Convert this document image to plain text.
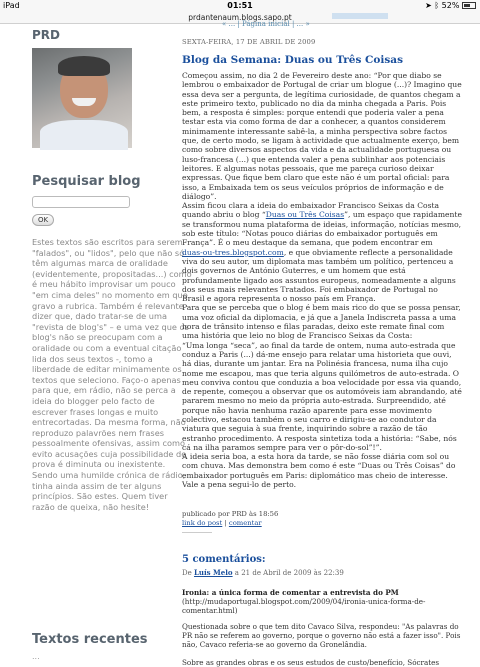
iPad	01:51	➤ ᛒ 52%
prdantenaum.blogs.sapo.pt
PRD
Pesquisar blog
OK
Estes textos são escritos para serem "falados", ou "lidos", pelo que não só têm algumas marca de oralidade (evidentemente, propositadas...) como é meu hábito improvisar um pouco "em cima deles" no momento em que gravo a rubrica. Também é relevante dizer que, dado tratar-se de uma "revista de blog's" – e uma vez que os blog's não se preocupam com a oralidade ou com a eventual citação lida dos seus textos -, tomo a liberdade de editar minimamente os textos que seleciono. Faço-o apenas para que, em rádio, não se perca a ideia do blogger pelo facto de escrever frases longas e muito entrecortadas. Da mesma forma, não reproduzo palavrões nem frases pessoalmente ofensivas, assim como evito acusações cuja possibilidade de prova é diminuta ou inexistente. Sendo uma humilde crónica de rádio, tinha ainda assim de ter alguns princípios. São estes. Quem tiver razão de queixa, não hesite!
Textos recentes
...
« ... | Página inicial | ... »
SEXTA-FEIRA, 17 DE ABRIL DE 2009
Blog da Semana: Duas ou Três Coisas

Começou assim, no dia 2 de Fevereiro deste ano: “Por que diabo se lembrou o embaixador de Portugal de criar um blogue (...)? Imagino que essa deva ser a pergunta, de legítima curiosidade, de quantos chegam a este primeiro texto, publicado no dia da minha chegada a Paris. Pois bem, a resposta é simples: porque entendi que poderia valer a pena testar esta via como forma de dar a conhecer, a quantos considerem minimamente interessante sabê-la, a minha perspectiva sobre factos que, de certo modo, se ligam à actividade que actualmente exerço, bem como sobre diversos aspectos da vida e da actualidade portuguesa ou luso-francesa (...) que entenda valer a pena sublinhar aos potenciais leitores. E algumas notas pessoais, que me pareça curioso deixar expressas. Que fique bem claro que este não é um portal oficial: para isso, a Embaixada tem os seus veículos próprios de informação e de diálogo”.

Assim ficou clara a ideia do embaixador Francisco Seixas da Costa quando abriu o blog “Duas ou Três Coisas”, um espaço que rapidamente se transformou numa plataforma de ideias, informação, notícias mesmo, sob este título: “Notas pouco diárias do embaixador português em França”. É o meu destaque da semana, que podem encontrar em

duas-ou-tres.blogspot.com, e que obviamente reflecte a personalidade viva do seu autor, um diplomata mas também um político, pertenceu a dois governos de António Guterres, e um homem que está profundamente ligado aos assuntos europeus, nomeadamente a alguns dos seus mais relevantes Tratados. Foi embaixador de Portugal no Brasil e agora representa o nosso país em França.

Para que se perceba que o blog é bem mais rico do que se possa pensar, uma voz oficial da diplomacia, e já que a Janela Indiscreta passa a uma hora de trânsito intenso e filas paradas, deixo este remate final com uma história que leio no blog de Francisco Seixas da Costa:

“Uma longa “seca”, ao final da tarde de ontem, numa auto-estrada que conduz a Paris (...) dá-me ensejo para relatar uma historieta que ouvi, há dias, durante um jantar. Era na Polinésia francesa, numa ilha cujo nome me escapou, mas que teria alguns quilómetros de auto-estrada. O meu conviva contou que conduzia a boa velocidade por essa via quando, de repente, começou a observar que os automóveis iam abrandando, até pararem mesmo no meio da própria auto-estrada. Surpreendido, até porque não havia nenhuma razão aparente para esse movimento colectivo, estacou também o seu carro e dirigiu-se ao condutor da viatura que seguia à sua frente, inquirindo sobre a razão de tão estranho procedimento. A resposta sintetiza toda a história: “Sabe, nós cá na ilha paramos sempre para ver o pôr-do-sol”!”.

A ideia seria boa, a esta hora da tarde, se não fosse diária com sol ou com chuva. Mas demonstra bem como é este “Duas ou Três Coisas” do embaixador português em Paris: diplomático mas cheio de interesse. Vale a pena segui-lo de perto.

publicado por PRD às 18:56
link do post | comentar
5 comentários:
De Luís Melo a 21 de Abril de 2009 às 22:39
Ironia: a única forma de comentar a entrevista do PM
(http://mudaportugal.blogspot.com/2009/04/ironia-unica-forma-de-comentar.html)
Questionada sobre o que tem dito Cavaco Silva, respondeu: "As palavras do PR não se referem ao governo, porque o governo não está a fazer isso". Pois não, Cavaco referia-se ao governo da Gronelândia.
Sobre as grandes obras e os seus estudos de custo/benefício, Sócrates
